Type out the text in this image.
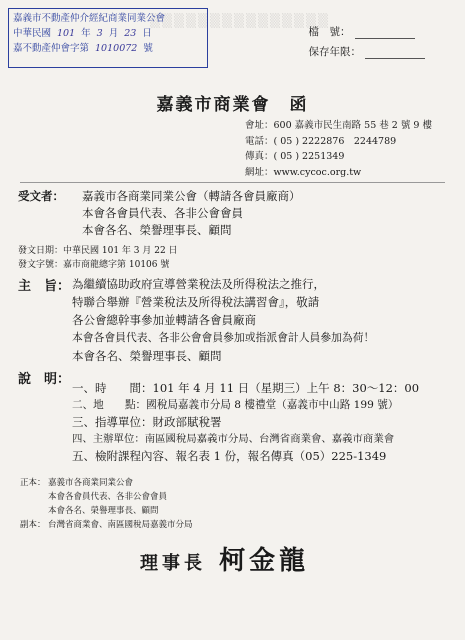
▒▒▒▒▒▒▒▒▒▒▒▒▒▒▒
嘉義市不動產仲介經紀商業同業公會
中華民國 101 年 3 月 23 日
嘉不動產仲會字第 1010072 號
檔　號：
保存年限：
嘉義市商業會　函
會址：600 嘉義市民生南路 55 巷 2 號 9 樓
電話：( 05 ) 2222876　2244789
傳真：( 05 ) 2251349
網址：www.cycoc.org.tw
受文者： 嘉義市各商業同業公會（轉請各會員廠商）
本會各會員代表、各非公會會員
本會各名、榮譽理事長、顧問
發文日期：中華民國 101 年 3 月 22 日
發文字號：嘉市商龍總字第 10106 號
主　旨： 為繼續協助政府宣導營業稅法及所得稅法之推行，
特聯合舉辦『營業稅法及所得稅法講習會』，敬請
各公會總幹事參加並轉請各會員廠商
本會各會員代表、各非公會會員參加或指派會計人員參加為荷！
本會各名、榮譽理事長、顧問
說　明：
一、時　　間：101 年 4 月 11 日（星期三）上午 8：30～12：00
二、地　　點：國稅局嘉義市分局 8 樓禮堂（嘉義市中山路 199 號）
三、指導單位：財政部賦稅署
四、主辦單位：南區國稅局嘉義市分局、台灣省商業會、嘉義市商業會
五、檢附課程內容、報名表 1 份，報名傳真（05）225-1349
正本： 嘉義市各商業同業公會
本會各會員代表、各非公會會員
本會各名、榮譽理事長、顧問
副本： 台灣省商業會、南區國稅局嘉義市分局
理事長 柯金龍
